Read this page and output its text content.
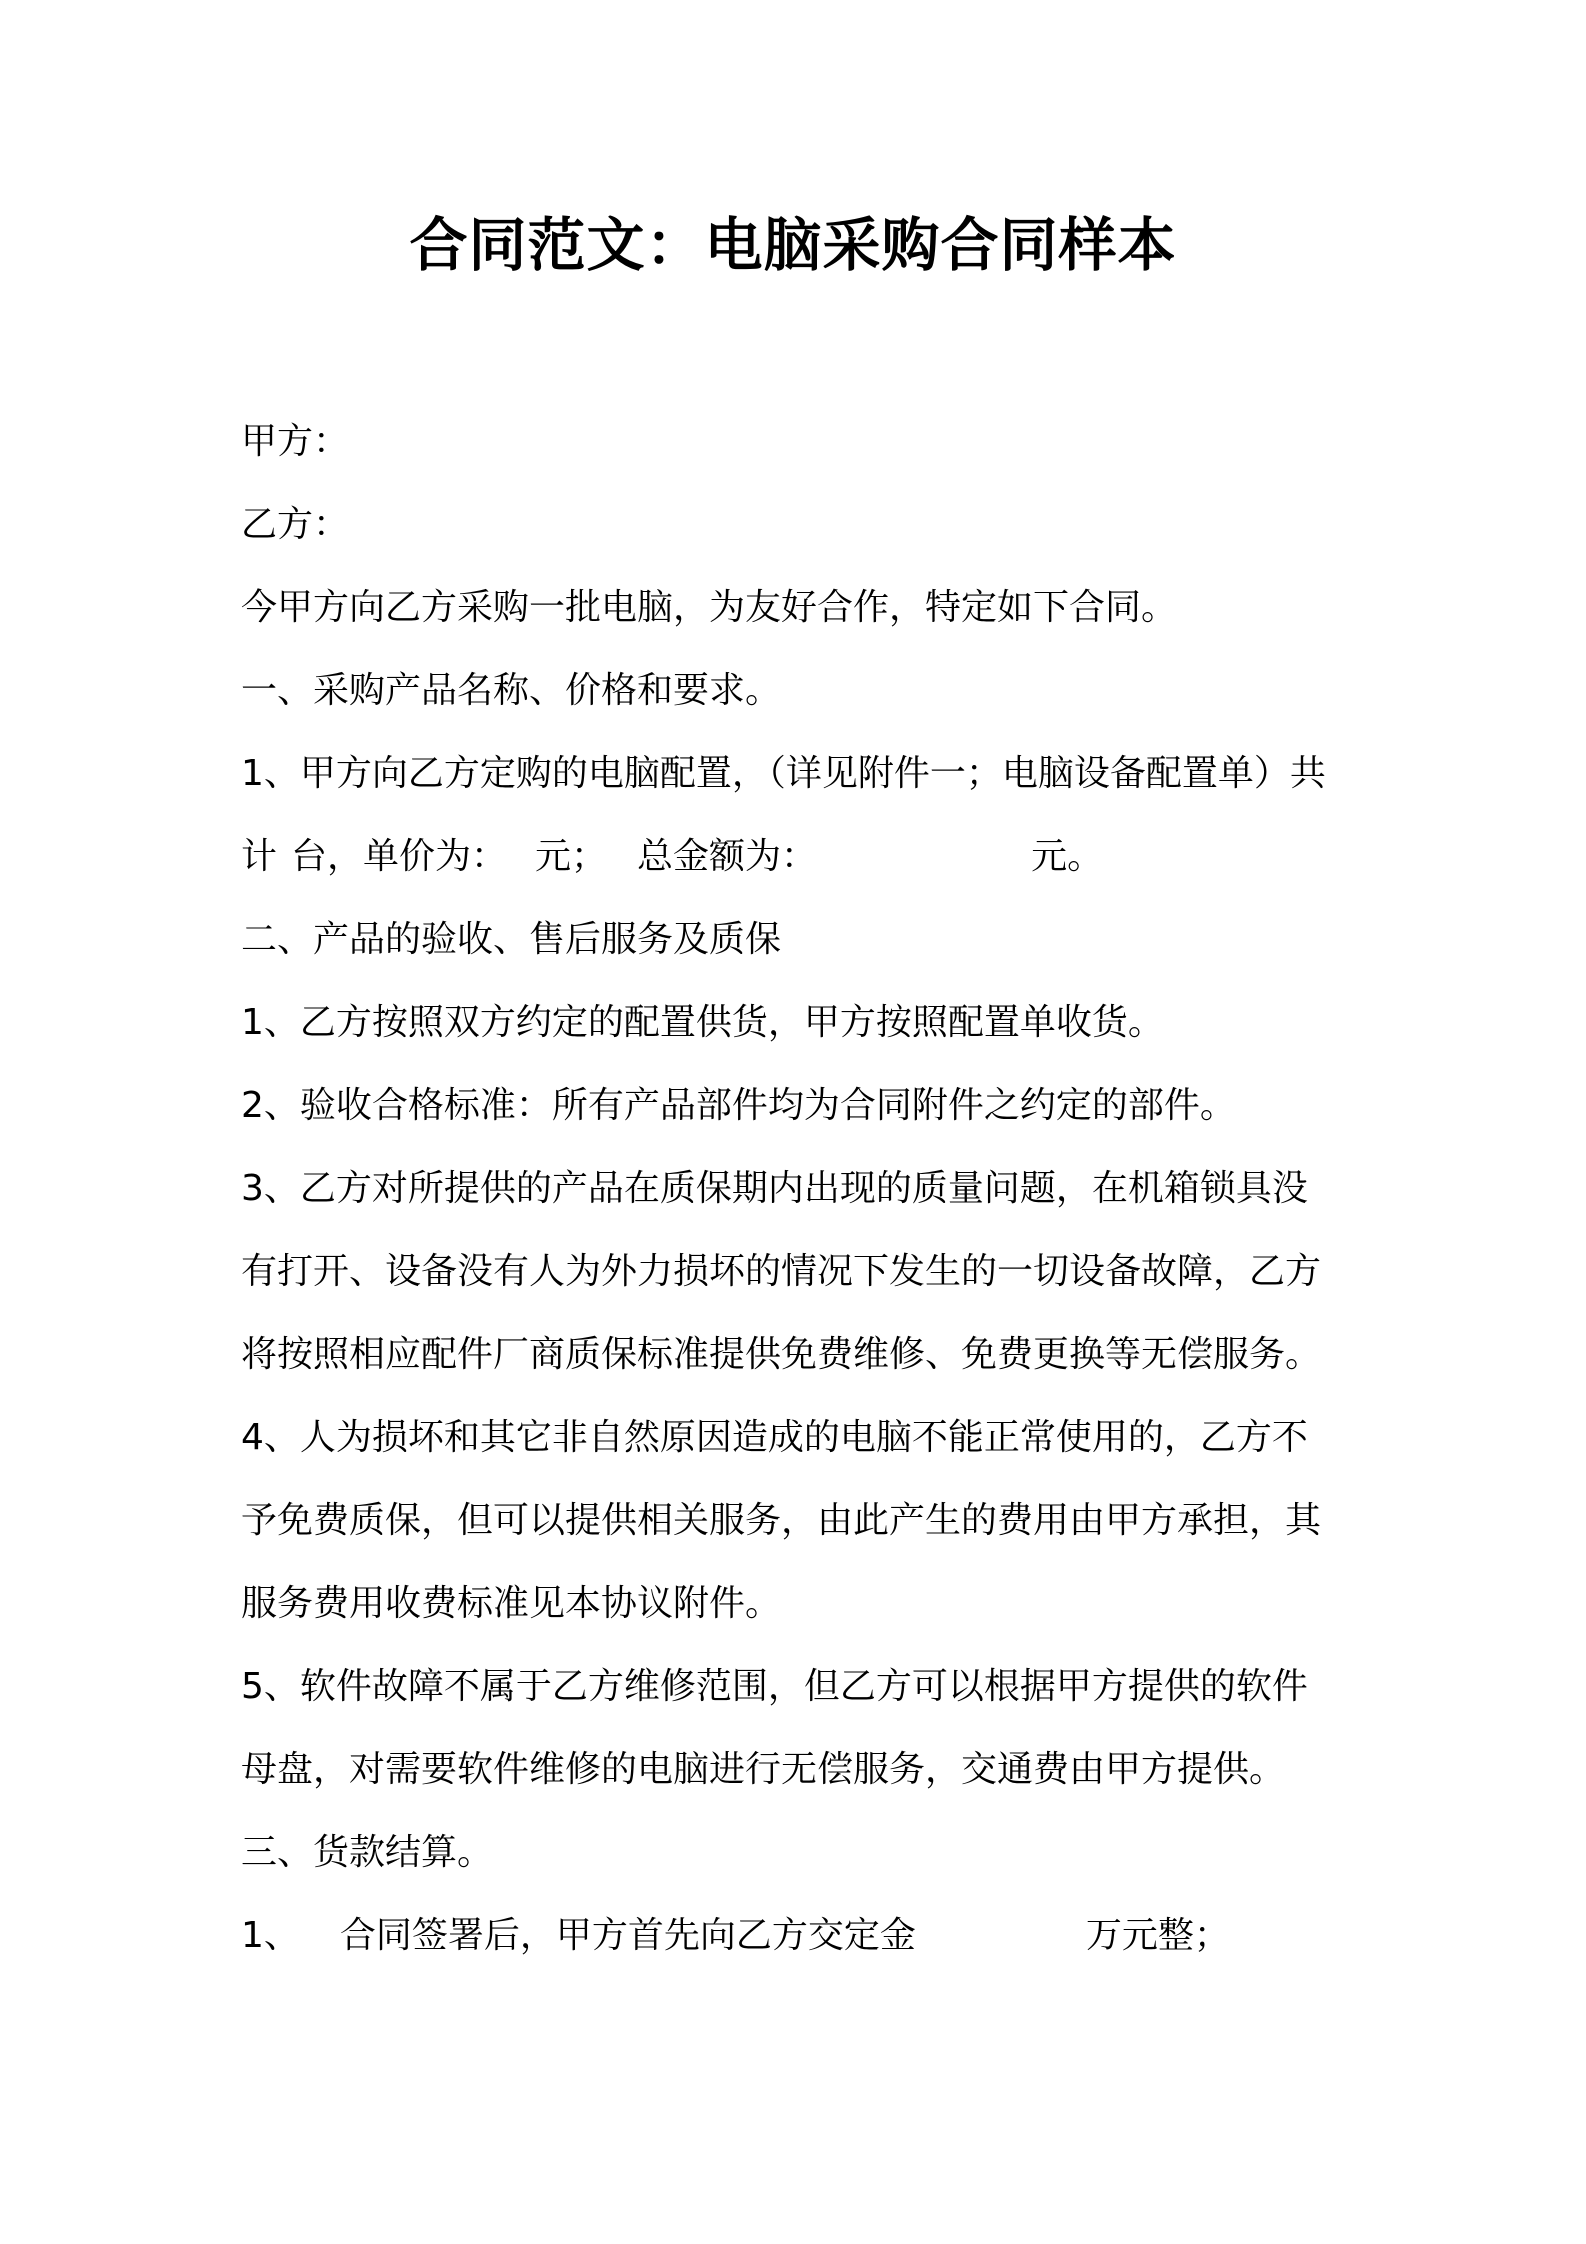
合同范文：电脑采购合同样本
甲方：
乙方：
今甲方向乙方采购一批电脑，为友好合作，特定如下合同。
一、采购产品名称、价格和要求。
1、甲方向乙方定购的电脑配置，（详见附件一；电脑设备配置单）共
计 台，单价为： 元； 总金额为：	元。
二、产品的验收、售后服务及质保
1、乙方按照双方约定的配置供货，甲方按照配置单收货。
2、验收合格标准：所有产品部件均为合同附件之约定的部件。
3、乙方对所提供的产品在质保期内出现的质量问题，在机箱锁具没
有打开、设备没有人为外力损坏的情况下发生的一切设备故障，乙方
将按照相应配件厂商质保标准提供免费维修、免费更换等无偿服务。
4、人为损坏和其它非自然原因造成的电脑不能正常使用的，乙方不
予免费质保，但可以提供相关服务，由此产生的费用由甲方承担，其
服务费用收费标准见本协议附件。
5、软件故障不属于乙方维修范围，但乙方可以根据甲方提供的软件
母盘，对需要软件维修的电脑进行无偿服务，交通费由甲方提供。
三、货款结算。
1、 合同签署后，甲方首先向乙方交定金	万元整；
